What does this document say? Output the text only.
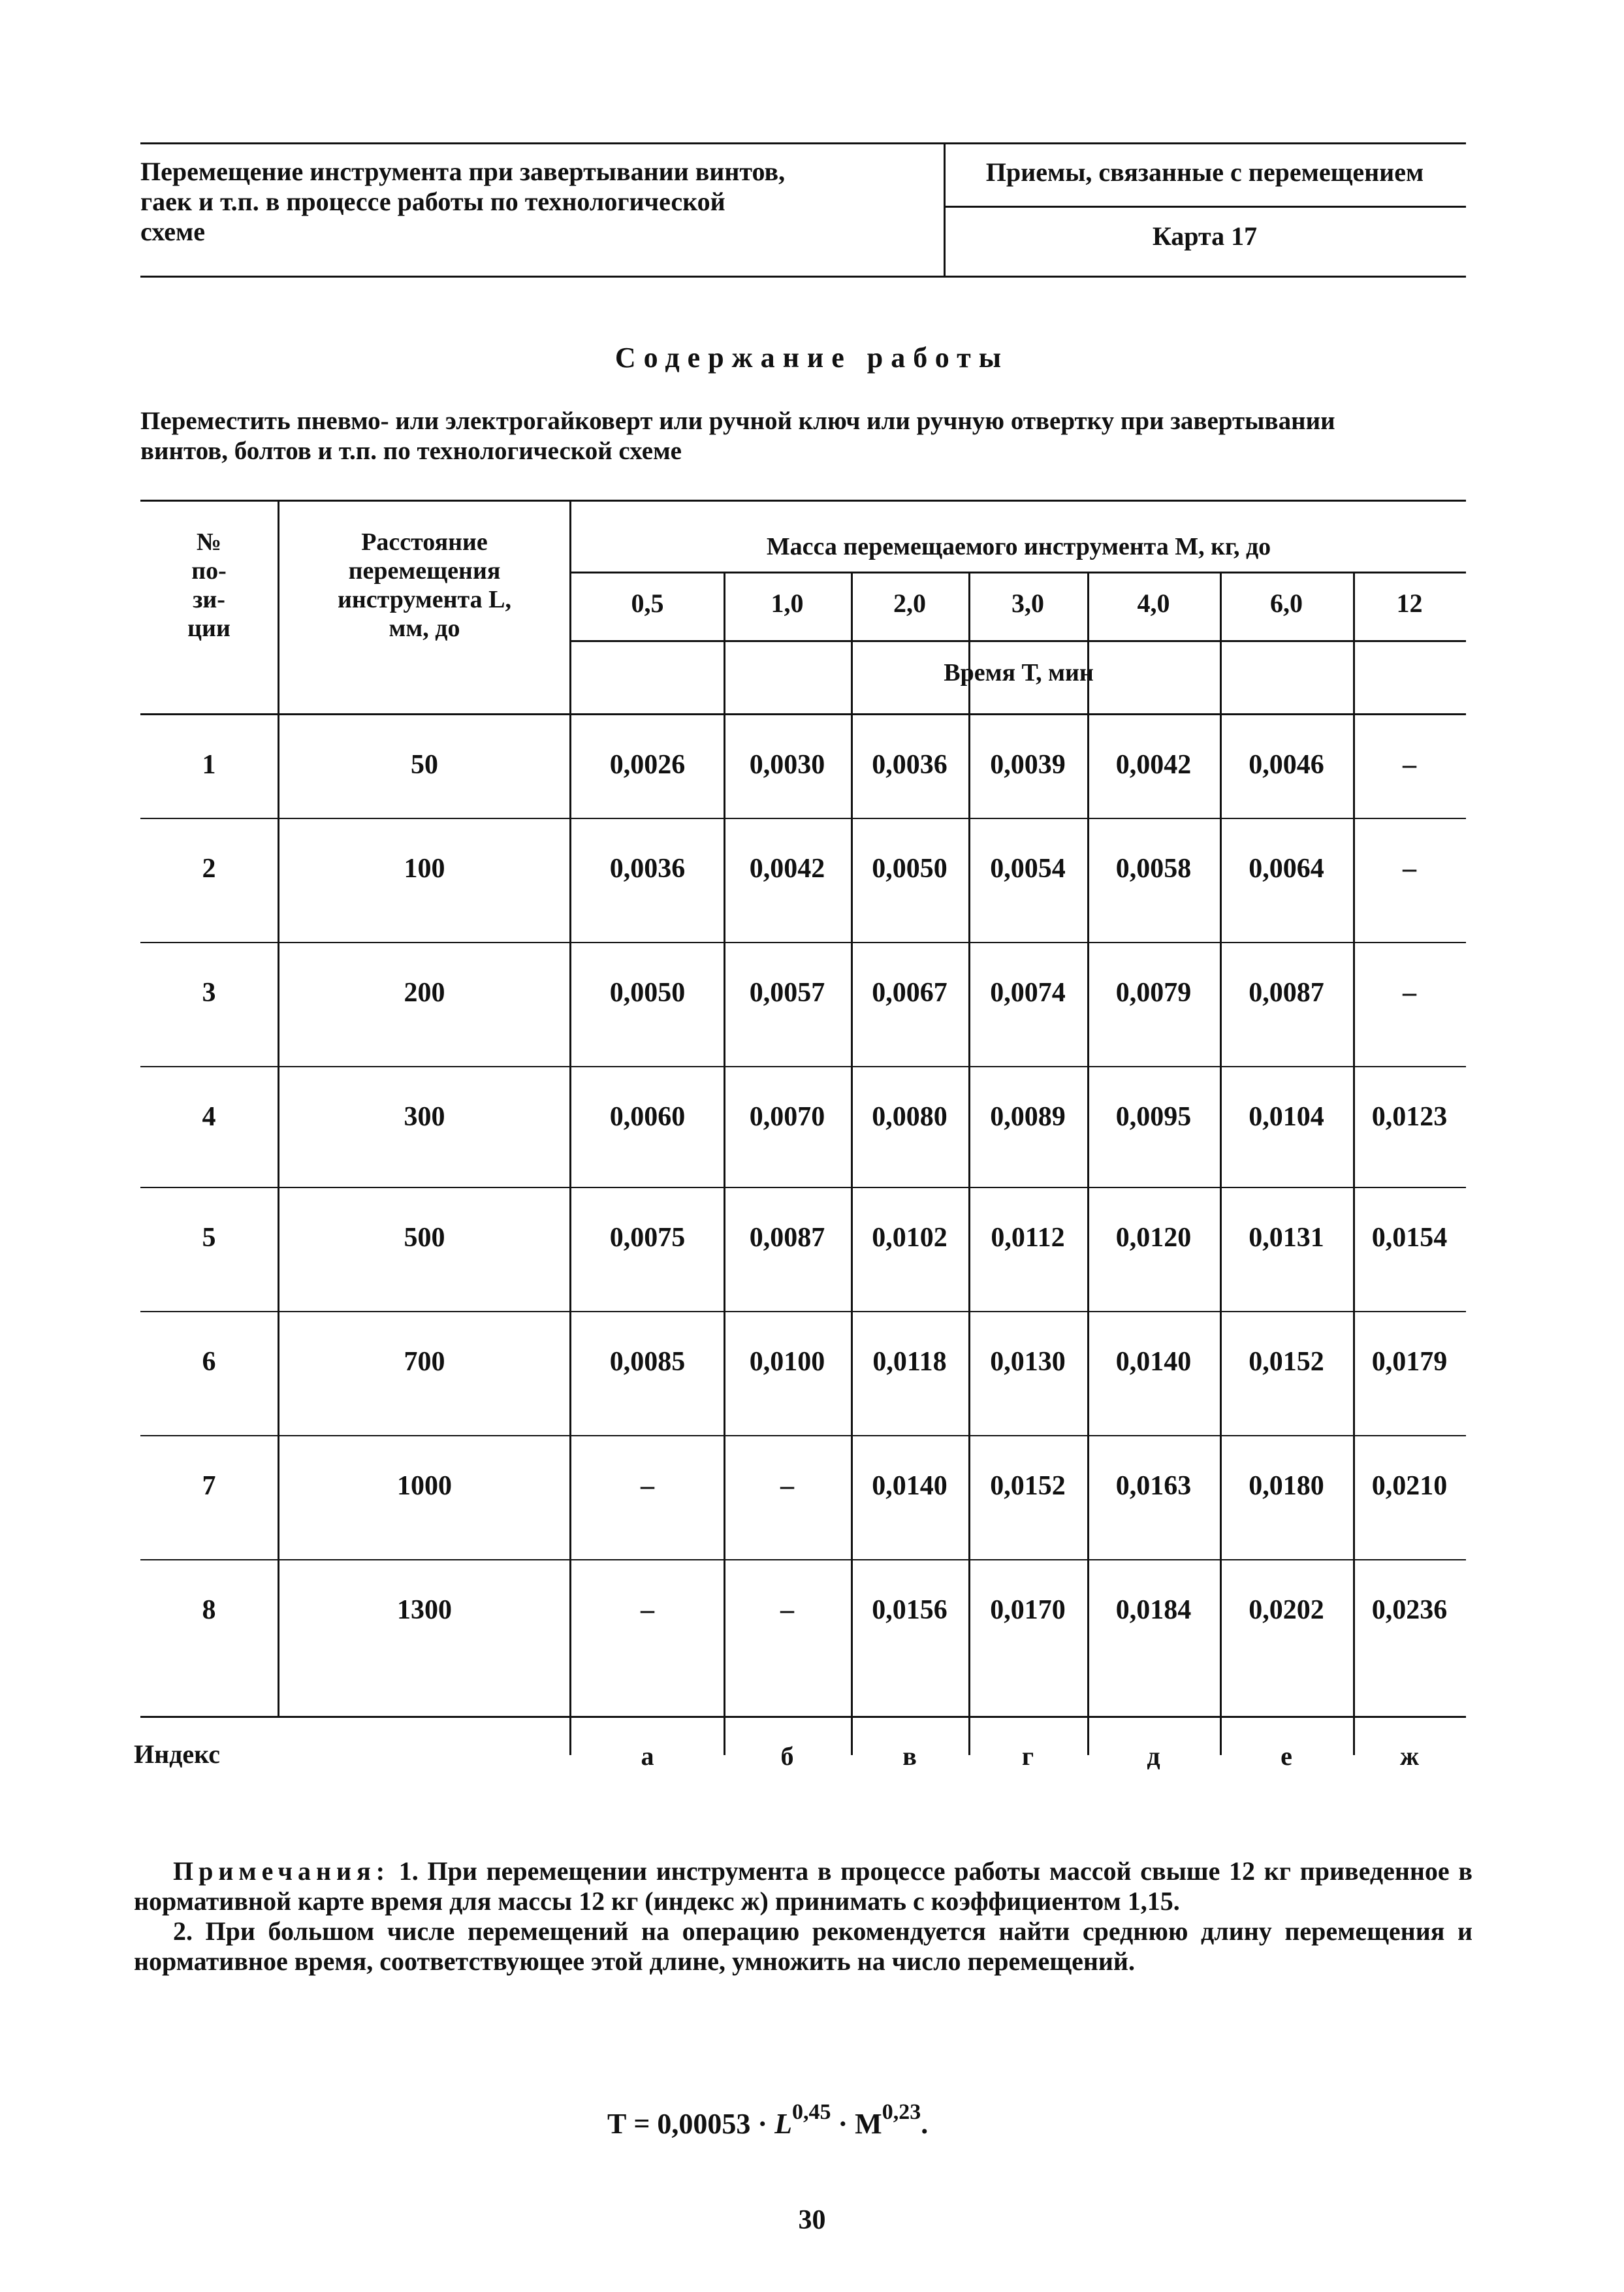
Перемещение инструмента при завертывании винтов,
гаек и т.п. в процессе работы по технологической
схеме
Приемы, связанные с перемещением
Карта 17
Содержание работы
Переместить пневмо- или электрогайковерт или ручной ключ или ручную отвертку при завертывании
винтов, болтов и т.п. по технологической схеме
№
по-
зи-
ции
Расстояние
перемещения
инструмента L,
мм, до
Масса перемещаемого инструмента М, кг, до
Время Т, мин
0,5	1,0	2,0	3,0	4,0	6,0	12
1	50	0,0026	0,0030	0,0036	0,0039	0,0042	0,0046	–
2	100	0,0036	0,0042	0,0050	0,0054	0,0058	0,0064	–
3	200	0,0050	0,0057	0,0067	0,0074	0,0079	0,0087	–
4	300	0,0060	0,0070	0,0080	0,0089	0,0095	0,0104	0,0123
5	500	0,0075	0,0087	0,0102	0,0112	0,0120	0,0131	0,0154
6	700	0,0085	0,0100	0,0118	0,0130	0,0140	0,0152	0,0179
7	1000	–	–	0,0140	0,0152	0,0163	0,0180	0,0210
8	1300	–	–	0,0156	0,0170	0,0184	0,0202	0,0236
Индекс	а	б	в	г	д	е	ж

Примечания: 1. При перемещении инструмента в процессе работы массой свыше 12 кг приведенное в нормативной карте время для массы 12 кг (индекс ж) принимать с коэффициентом 1,15.

2. При большом числе перемещений на операцию рекомендуется найти среднюю длину перемещения и нормативное время, соответствующее этой длине, умножить на число перемещений.

Т = 0,00053 · L$^{0,45}$ · М$^{0,23}$.
30
